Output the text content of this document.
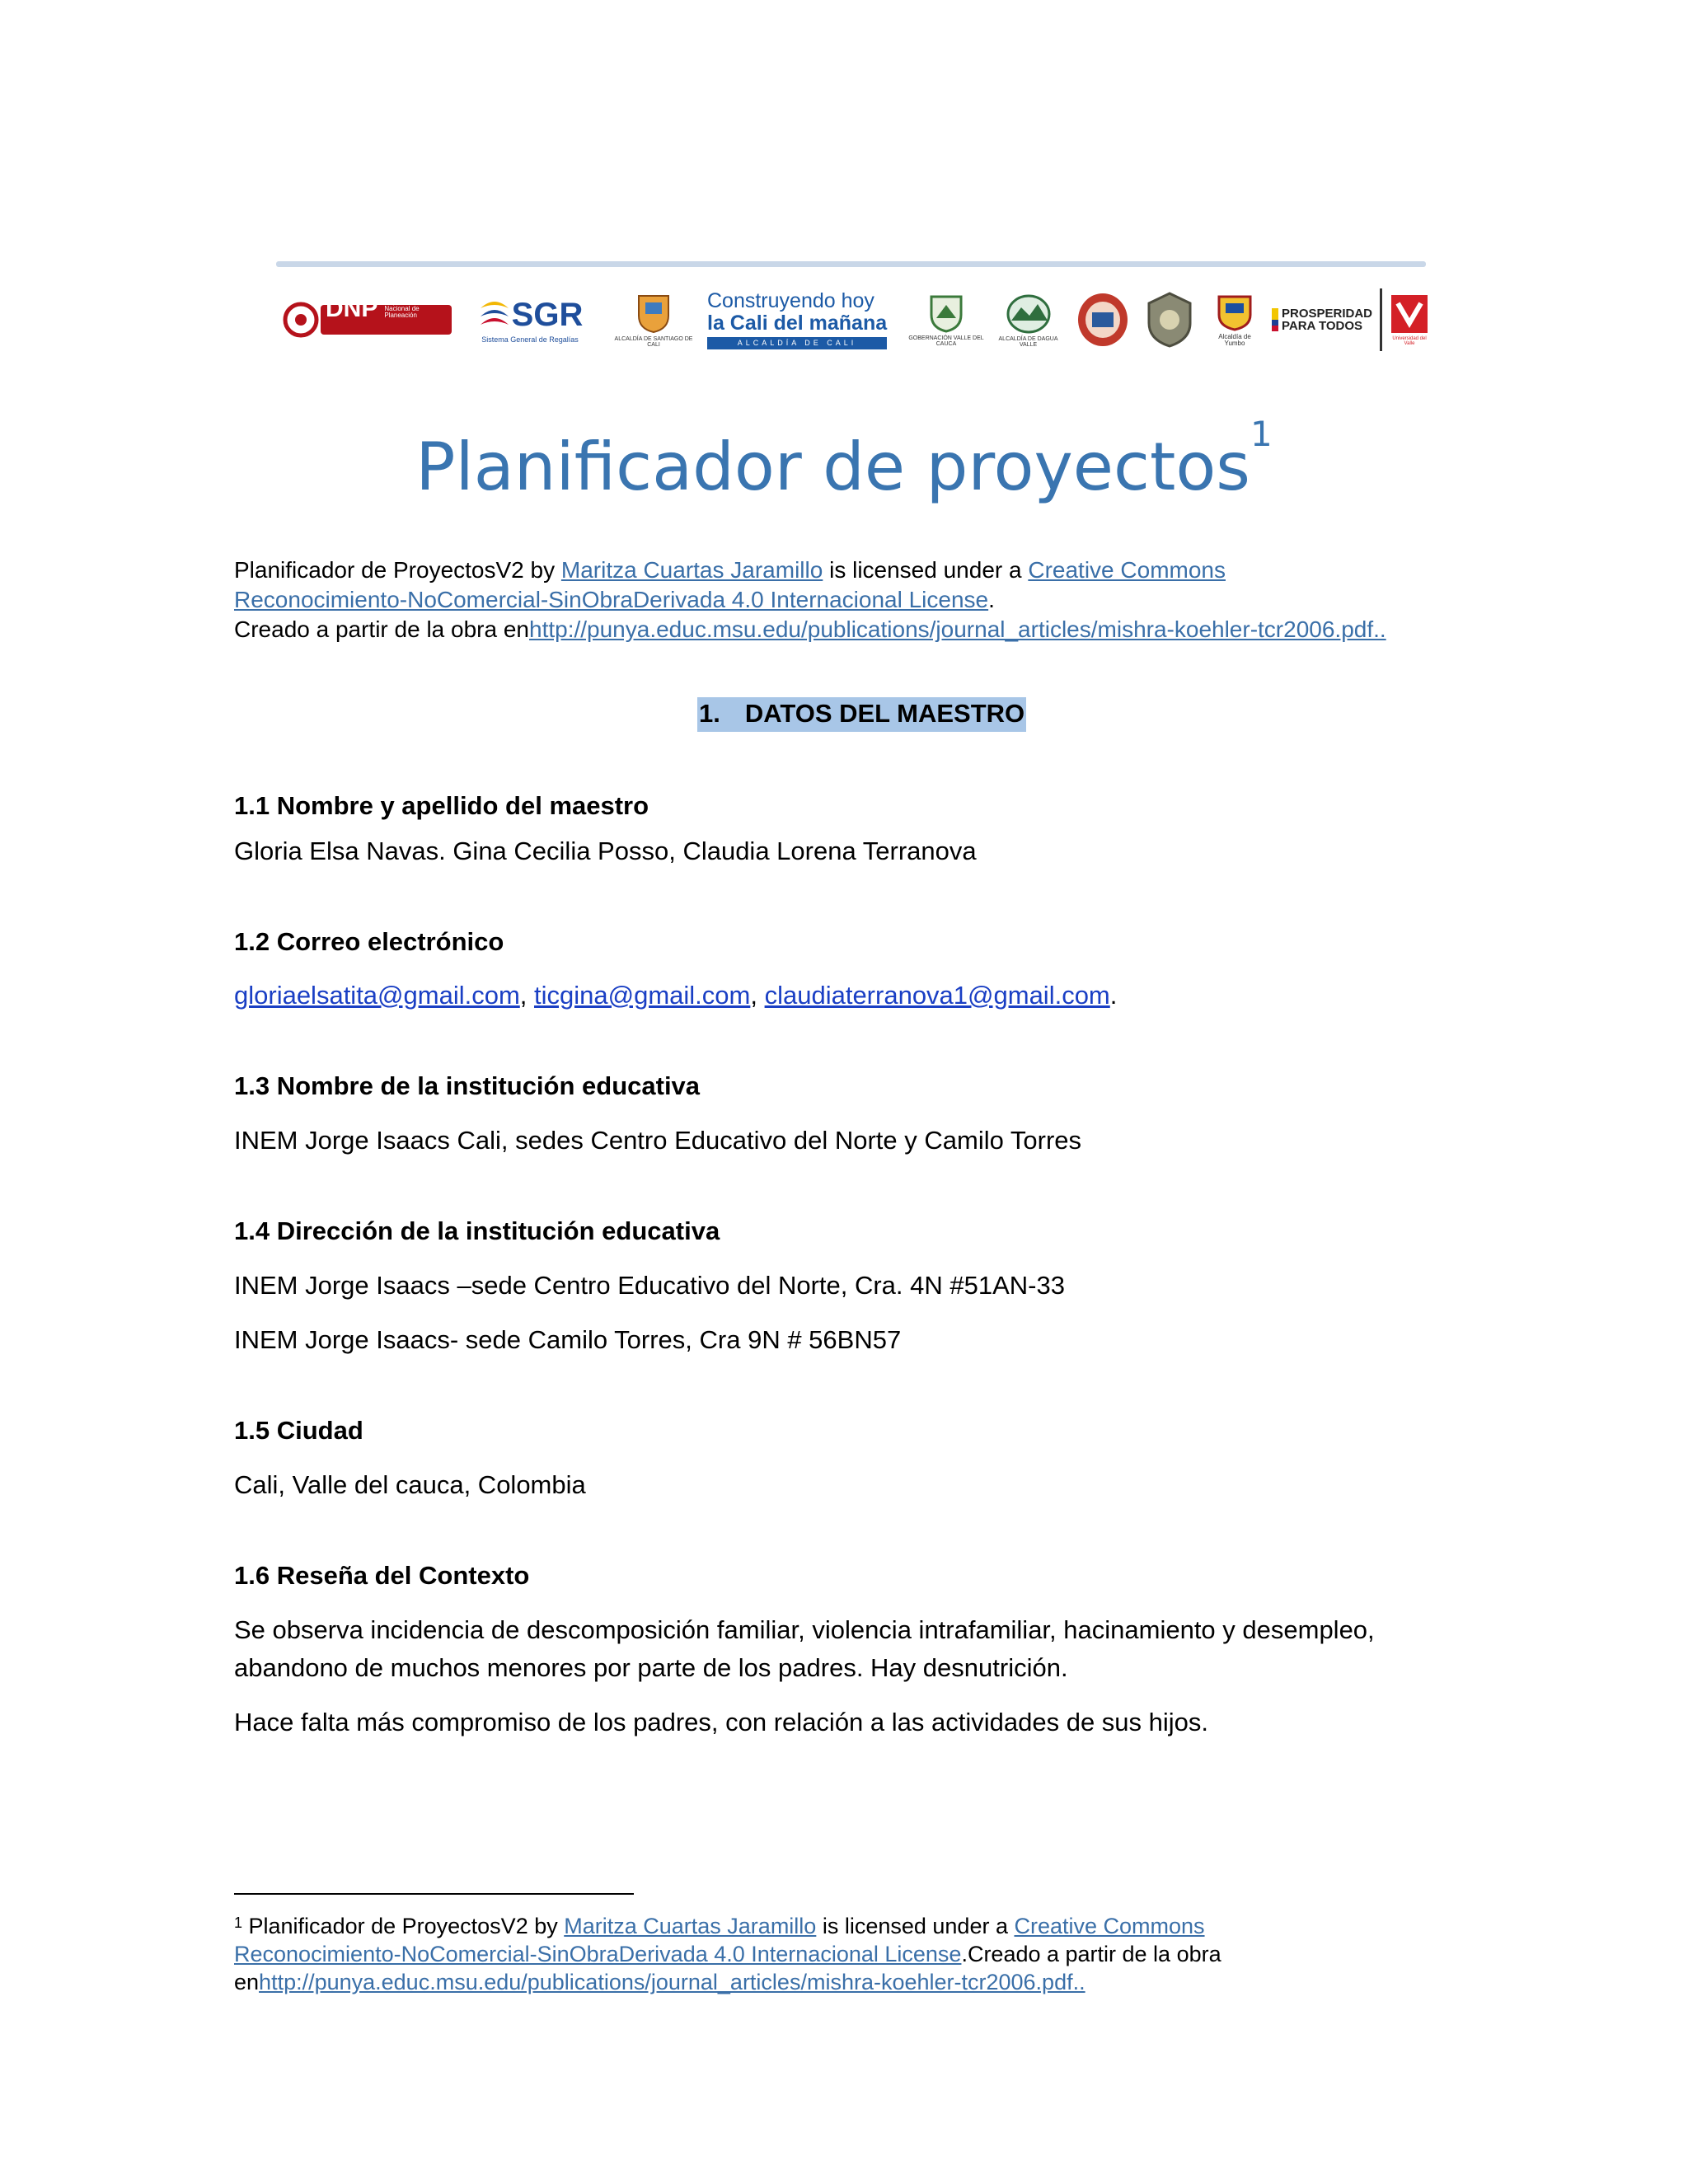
DNP Departamento Nacional de Planeación	SGR
Sistema General de Regalías	ALCALDÍA DE SANTIAGO DE CALI
Construyendo hoy
la Cali del mañana
ALCALDÍA DE CALI
GOBERNACIÓN VALLE DEL CAUCA
ALCALDÍA DE DAGUA VALLE
Alcaldía de Yumbo
PROSPERIDAD
PARA TODOS
Universidad del Valle
Planificador de proyectos$^1$
Planificador de ProyectosV2 by Maritza Cuartas Jaramillo is licensed under a Creative Commons
Reconocimiento-NoComercial-SinObraDerivada 4.0 Internacional License.
Creado a partir de la obra enhttp://punya.educ.msu.edu/publications/journal_articles/mishra-koehler-tcr2006.pdf..
1. DATOS DEL MAESTRO
1.1 Nombre y apellido del maestro
Gloria Elsa Navas. Gina Cecilia Posso, Claudia Lorena Terranova
1.2 Correo electrónico
gloriaelsatita@gmail.com, ticgina@gmail.com, claudiaterranova1@gmail.com.
1.3 Nombre de la institución educativa
INEM Jorge Isaacs Cali, sedes Centro Educativo del Norte y Camilo Torres
1.4 Dirección de la institución educativa
INEM Jorge Isaacs –sede Centro Educativo del Norte, Cra. 4N #51AN-33
INEM Jorge Isaacs- sede Camilo Torres, Cra 9N # 56BN57
1.5 Ciudad
Cali, Valle del cauca, Colombia
1.6 Reseña del Contexto
Se observa incidencia de descomposición familiar, violencia intrafamiliar, hacinamiento y desempleo,
abandono de muchos menores por parte de los padres. Hay desnutrición.
Hace falta más compromiso de los padres, con relación a las actividades de sus hijos.
$^1$ Planificador de ProyectosV2 by Maritza Cuartas Jaramillo is licensed under a Creative Commons
Reconocimiento-NoComercial-SinObraDerivada 4.0 Internacional License.Creado a partir de la obra
enhttp://punya.educ.msu.edu/publications/journal_articles/mishra-koehler-tcr2006.pdf..
